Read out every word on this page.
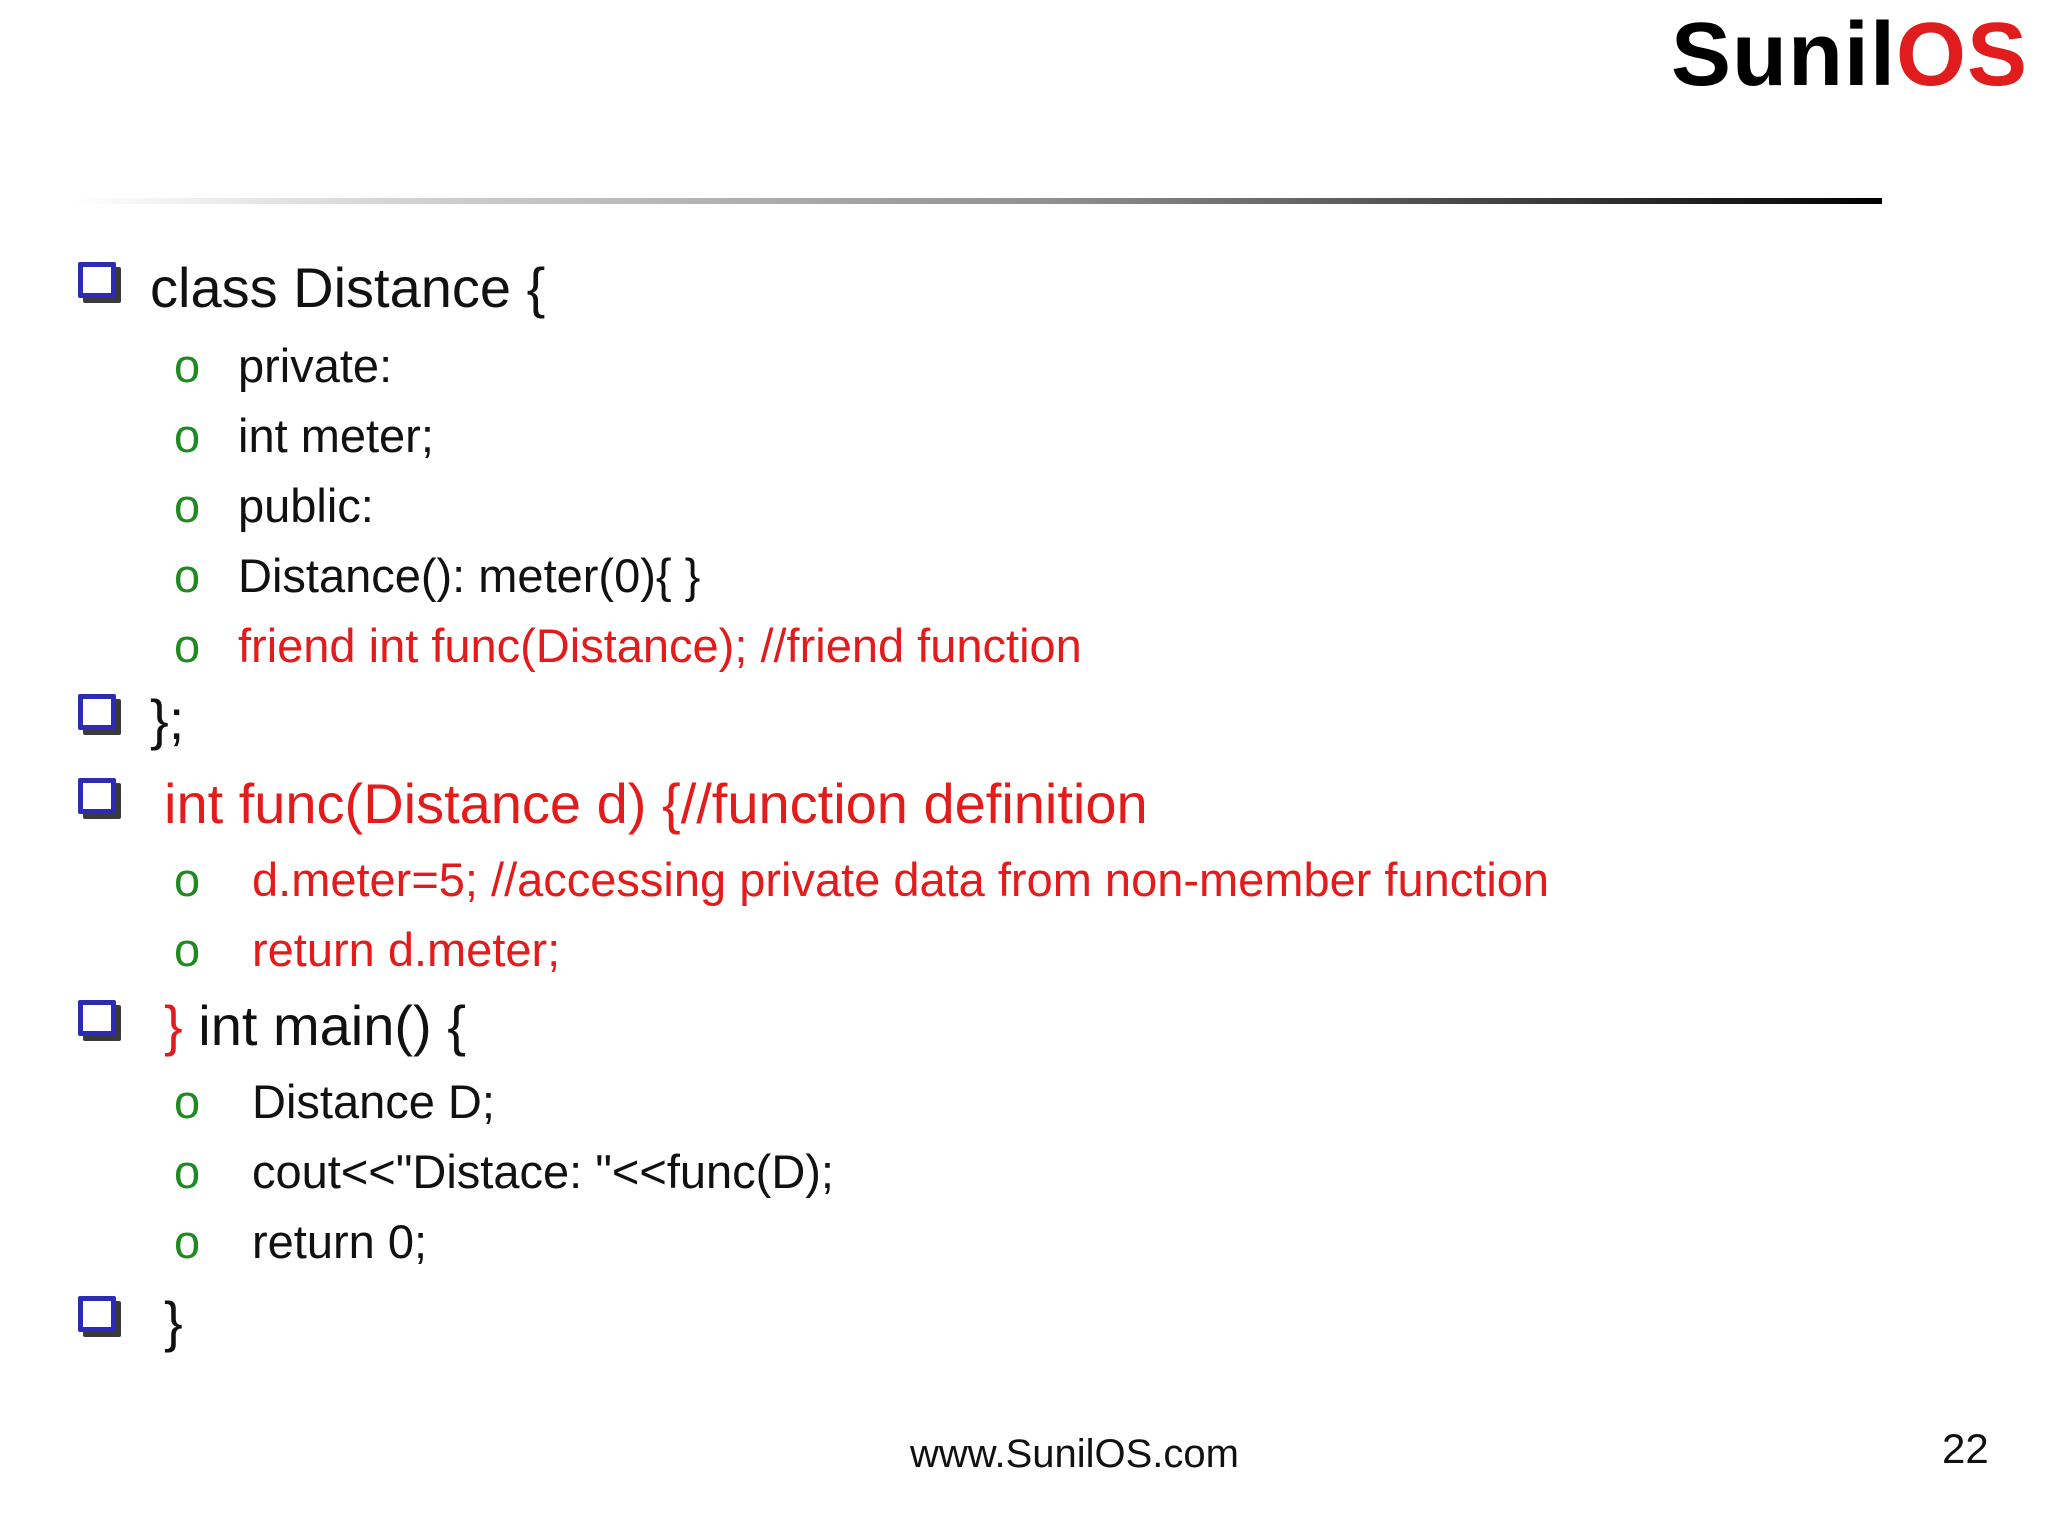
SunilOS
class Distance {
o private:
o int meter;
o public:
o Distance(): meter(0){ }
o friend int func(Distance); //friend function
};
int func(Distance d) {//function definition
o d.meter=5; //accessing private data from non-member function
o return d.meter;
} int main() {
o Distance D;
o cout<<"Distace: "<<func(D);
o return 0;
}
www.SunilOS.com	22
